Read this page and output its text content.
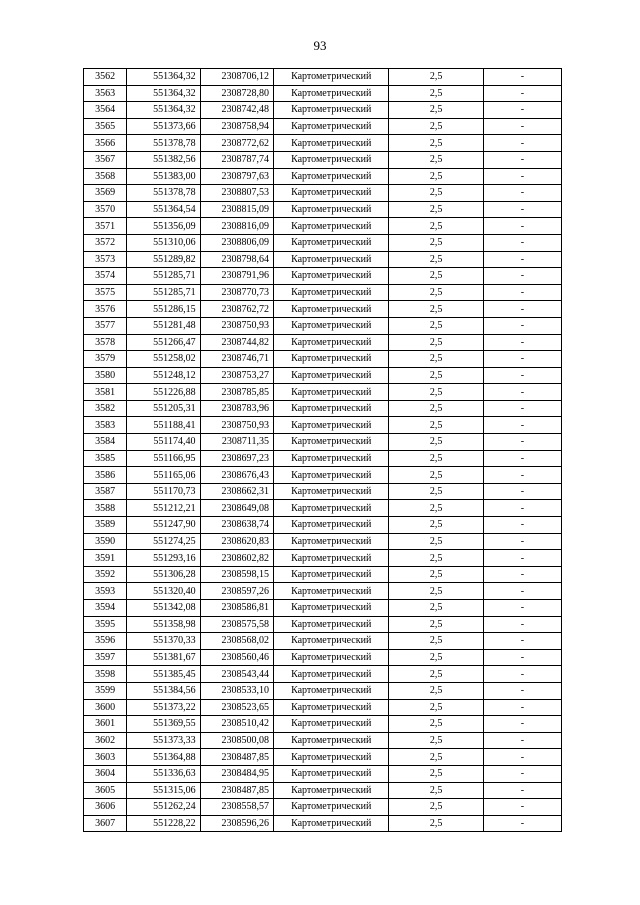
93
3562	551364,32	2308706,12	Картометрический	2,5	-
3563	551364,32	2308728,80	Картометрический	2,5	-
3564	551364,32	2308742,48	Картометрический	2,5	-
3565	551373,66	2308758,94	Картометрический	2,5	-
3566	551378,78	2308772,62	Картометрический	2,5	-
3567	551382,56	2308787,74	Картометрический	2,5	-
3568	551383,00	2308797,63	Картометрический	2,5	-
3569	551378,78	2308807,53	Картометрический	2,5	-
3570	551364,54	2308815,09	Картометрический	2,5	-
3571	551356,09	2308816,09	Картометрический	2,5	-
3572	551310,06	2308806,09	Картометрический	2,5	-
3573	551289,82	2308798,64	Картометрический	2,5	-
3574	551285,71	2308791,96	Картометрический	2,5	-
3575	551285,71	2308770,73	Картометрический	2,5	-
3576	551286,15	2308762,72	Картометрический	2,5	-
3577	551281,48	2308750,93	Картометрический	2,5	-
3578	551266,47	2308744,82	Картометрический	2,5	-
3579	551258,02	2308746,71	Картометрический	2,5	-
3580	551248,12	2308753,27	Картометрический	2,5	-
3581	551226,88	2308785,85	Картометрический	2,5	-
3582	551205,31	2308783,96	Картометрический	2,5	-
3583	551188,41	2308750,93	Картометрический	2,5	-
3584	551174,40	2308711,35	Картометрический	2,5	-
3585	551166,95	2308697,23	Картометрический	2,5	-
3586	551165,06	2308676,43	Картометрический	2,5	-
3587	551170,73	2308662,31	Картометрический	2,5	-
3588	551212,21	2308649,08	Картометрический	2,5	-
3589	551247,90	2308638,74	Картометрический	2,5	-
3590	551274,25	2308620,83	Картометрический	2,5	-
3591	551293,16	2308602,82	Картометрический	2,5	-
3592	551306,28	2308598,15	Картометрический	2,5	-
3593	551320,40	2308597,26	Картометрический	2,5	-
3594	551342,08	2308586,81	Картометрический	2,5	-
3595	551358,98	2308575,58	Картометрический	2,5	-
3596	551370,33	2308568,02	Картометрический	2,5	-
3597	551381,67	2308560,46	Картометрический	2,5	-
3598	551385,45	2308543,44	Картометрический	2,5	-
3599	551384,56	2308533,10	Картометрический	2,5	-
3600	551373,22	2308523,65	Картометрический	2,5	-
3601	551369,55	2308510,42	Картометрический	2,5	-
3602	551373,33	2308500,08	Картометрический	2,5	-
3603	551364,88	2308487,85	Картометрический	2,5	-
3604	551336,63	2308484,95	Картометрический	2,5	-
3605	551315,06	2308487,85	Картометрический	2,5	-
3606	551262,24	2308558,57	Картометрический	2,5	-
3607	551228,22	2308596,26	Картометрический	2,5	-
